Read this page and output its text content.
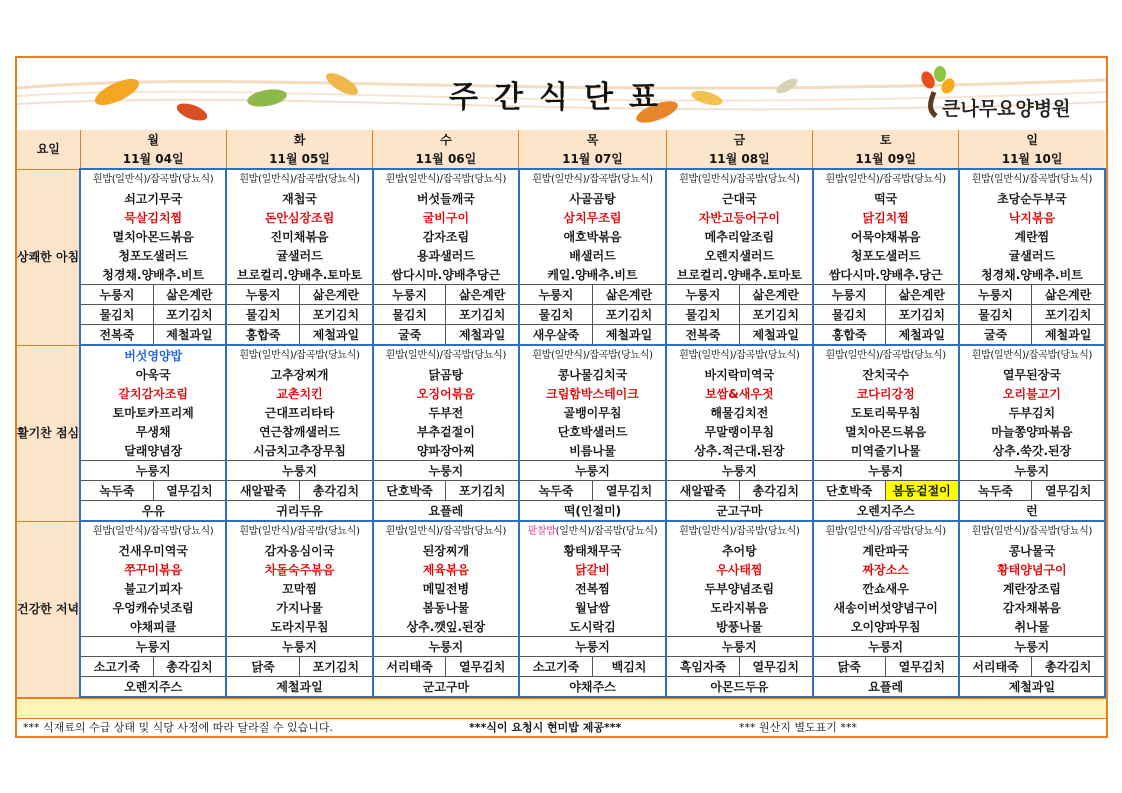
주간식단표	큰나무요양병원
요일	월		화		수		목		금		토		일	
	11월 04일		11월 05일		11월 06일		11월 07일		11월 08일		11월 09일		11월 10일	
상쾌한 아침	흰밥(일반식)/잡곡밥(당뇨식)		흰밥(일반식)/잡곡밥(당뇨식)		흰밥(일반식)/잡곡밥(당뇨식)		흰밥(일반식)/잡곡밥(당뇨식)		흰밥(일반식)/잡곡밥(당뇨식)		흰밥(일반식)/잡곡밥(당뇨식)		흰밥(일반식)/잡곡밥(당뇨식)	
	쇠고기무국		재첩국		버섯들깨국		사골곰탕		근대국		떡국		초당순두부국	
	묵살김치찜		돈안심장조림		굴비구이		삼치무조림		자반고등어구이		닭김치찜		낙지볶음	
	멸치아몬드볶음		진미채볶음		감자조림		애호박볶음		메추리알조림		어묵야채볶음		계란찜	
	청포도샐러드		귤샐러드		용과샐러드		배샐러드		오렌지샐러드		청포도샐러드		귤샐러드	
	청경채.양배추.비트		브로컬리.양배추.토마토		쌈다시마.양배추당근		케일.양배추.비트		브로컬리.양배추.토마토		쌈다시마.양배추.당근		청경채.양배추.비트	
	누룽지	삶은계란	누룽지	삶은계란	누룽지	삶은계란	누룽지	삶은계란	누룽지	삶은계란	누룽지	삶은계란	누룽지	삶은계란
	물김치	포기김치	물김치	포기김치	물김치	포기김치	물김치	포기김치	물김치	포기김치	물김치	포기김치	물김치	포기김치
	전복죽	제철과일	홍합죽	제철과일	굴죽	제철과일	새우살죽	제철과일	전복죽	제철과일	홍합죽	제철과일	굴죽	제철과일
활기찬 점심	버섯영양밥		흰밥(일반식)/잡곡밥(당뇨식)		흰밥(일반식)/잡곡밥(당뇨식)		흰밥(일반식)/잡곡밥(당뇨식)		흰밥(일반식)/잡곡밥(당뇨식)		흰밥(일반식)/잡곡밥(당뇨식)		흰밥(일반식)/잡곡밥(당뇨식)	
	아욱국		고추장찌개		닭곰탕		콩나물김치국		바지락미역국		잔치국수		열무된장국	
	갈치감자조림		교촌치킨		오징어볶음		크림함박스테이크		보쌈&새우젓		코다리강정		오리불고기	
	토마토카프리제		근대프리타타		두부전		골뱅이무침		해물김치전		도토리묵무침		두부김치	
	무생채		연근참깨샐러드		부추겉절이		단호박샐러드		무말랭이무침		멸치아몬드볶음		마늘쫑양파볶음	
	달래양념장		시금치고추장무침		양파장아찌		비름나물		상추.적근대.된장		미역줄기나물		상추.쑥갓.된장	
	누룽지		누룽지		누룽지		누룽지		누룽지		누룽지		누룽지	
	녹두죽	열무김치	새알팥죽	총각김치	단호박죽	포기김치	녹두죽	열무김치	새알팥죽	총각김치	단호박죽	봄동겉절이	녹두죽	열무김치
	우유		귀리두유		요플레		떡(인절미)		군고구마		오렌지주스		런	
건강한 저녁	흰밥(일반식)/잡곡밥(당뇨식)		흰밥(일반식)/잡곡밥(당뇨식)		흰밥(일반식)/잡곡밥(당뇨식)		팥찰밥(일반식)/잡곡밥(당뇨식)		흰밥(일반식)/잡곡밥(당뇨식)		흰밥(일반식)/잡곡밥(당뇨식)		흰밥(일반식)/잡곡밥(당뇨식)	
	건새우미역국		감자옹심이국		된장찌개		황태채무국		추어탕		계란파국		콩나물국	
	쭈꾸미볶음		차돌숙주볶음		제육볶음		닭갈비		우사태찜		짜장소스		황태양념구이	
	불고기피자		꼬막찜		메밀전병		전복찜		두부양념조림		깐쇼새우		계란장조림	
	우엉캐슈넛조림		가지나물		봄동나물		월남쌈		도라지볶음		새송이버섯양념구이		감자채볶음	
	야채피클		도라지무침		상추.깻잎.된장		도시락김		방풍나물		오이양파무침		취나물	
	누룽지		누룽지		누룽지		누룽지		누룽지		누룽지		누룽지	
	소고기죽	총각김치	닭죽	포기김치	서리태죽	열무김치	소고기죽	백김치	흑임자죽	열무김치	닭죽	열무김치	서리태죽	총각김치
	오렌지주스		제철과일		군고구마		야채주스		아몬드두유		요플레		제철과일	
*** 식재료의 수급 상태 및 식당 사정에 따라 달라질 수 있습니다.	***식이 요청시 현미밥 제공***	*** 원산지 별도표기 ***
